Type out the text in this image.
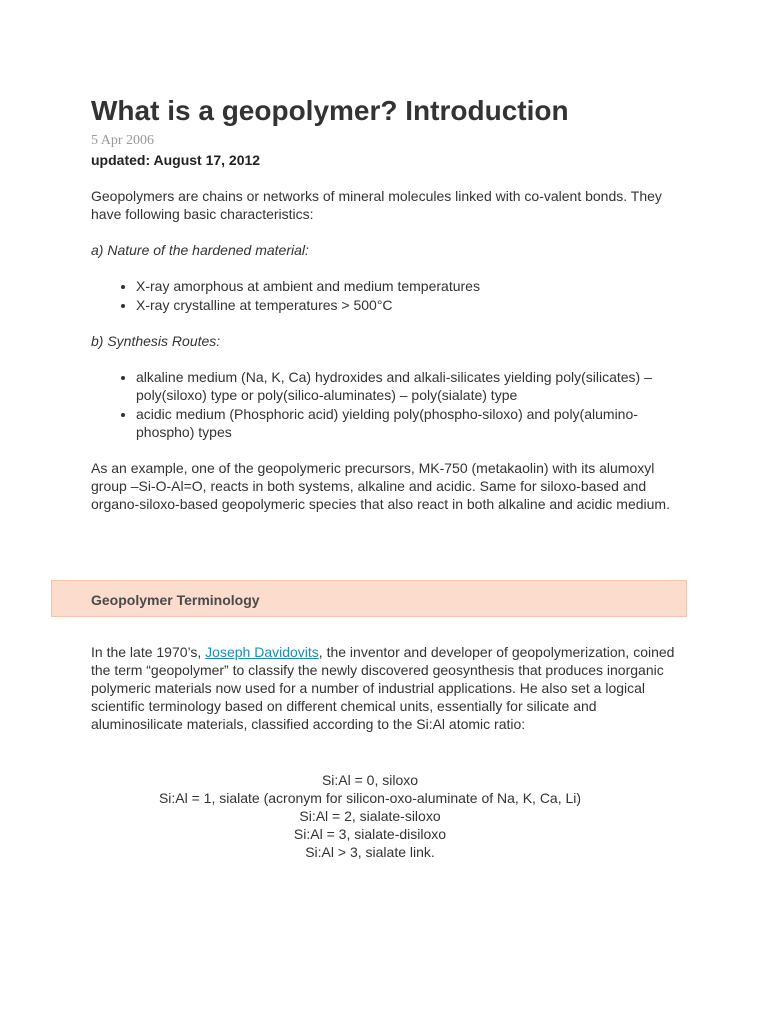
What is a geopolymer? Introduction
5 Apr 2006
updated: August 17, 2012

Geopolymers are chains or networks of mineral molecules linked with co-valent bonds. They have following basic characteristics:

a) Nature of the hardened material:

• X-ray amorphous at ambient and medium temperatures
• X-ray crystalline at temperatures > 500°C

b) Synthesis Routes:

• alkaline medium (Na, K, Ca) hydroxides and alkali-silicates yielding poly(silicates) – poly(siloxo) type or poly(silico-aluminates) – poly(sialate) type
• acidic medium (Phosphoric acid) yielding poly(phospho-siloxo) and poly(alumino-phospho) types

As an example, one of the geopolymeric precursors, MK-750 (metakaolin) with its alumoxyl group –Si-O-Al=O, reacts in both systems, alkaline and acidic. Same for siloxo-based and organo-siloxo-based geopolymeric species that also react in both alkaline and acidic medium.

Geopolymer Terminology

In the late 1970’s, Joseph Davidovits, the inventor and developer of geopolymerization, coined the term “geopolymer” to classify the newly discovered geosynthesis that produces inorganic polymeric materials now used for a number of industrial applications. He also set a logical scientific terminology based on different chemical units, essentially for silicate and aluminosilicate materials, classified according to the Si:Al atomic ratio:

Si:Al = 0, siloxo
Si:Al = 1, sialate (acronym for silicon-oxo-aluminate of Na, K, Ca, Li)
Si:Al = 2, sialate-siloxo
Si:Al = 3, sialate-disiloxo
Si:Al > 3, sialate link.
